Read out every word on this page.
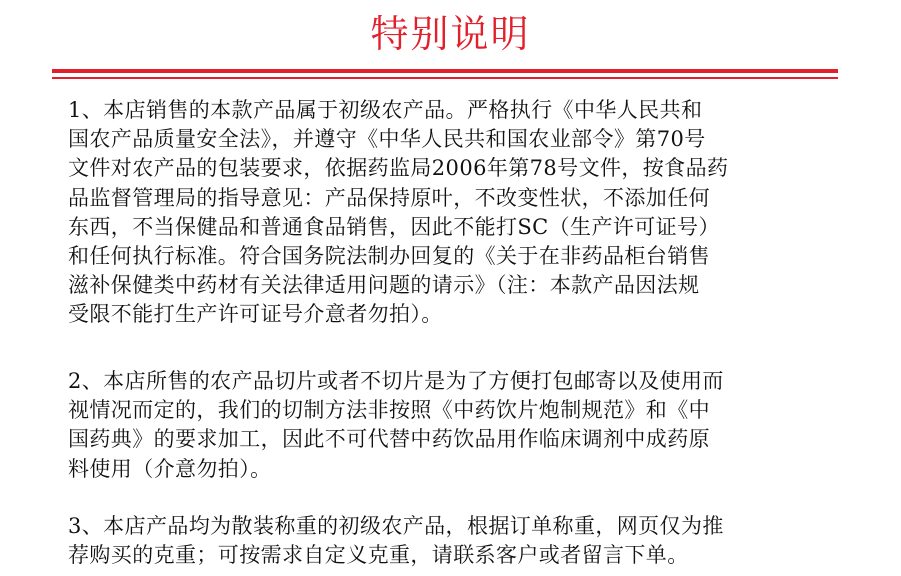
特别说明
1、本店销售的本款产品属于初级农产品。严格执行《中华人民共和
国农产品质量安全法》，并遵守《中华人民共和国农业部令》第70号
文件对农产品的包装要求，依据药监局2006年第78号文件，按食品药
品监督管理局的指导意见：产品保持原叶，不改变性状，不添加任何
东西，不当保健品和普通食品销售，因此不能打SC（生产许可证号）
和任何执行标准。符合国务院法制办回复的《关于在非药品柜台销售
滋补保健类中药材有关法律适用问题的请示》（注：本款产品因法规
受限不能打生产许可证号介意者勿拍）。
2、本店所售的农产品切片或者不切片是为了方便打包邮寄以及使用而
视情况而定的，我们的切制方法非按照《中药饮片炮制规范》和《中
国药典》的要求加工，因此不可代替中药饮品用作临床调剂中成药原
料使用（介意勿拍）。
3、本店产品均为散装称重的初级农产品，根据订单称重，网页仅为推
荐购买的克重；可按需求自定义克重，请联系客户或者留言下单。
